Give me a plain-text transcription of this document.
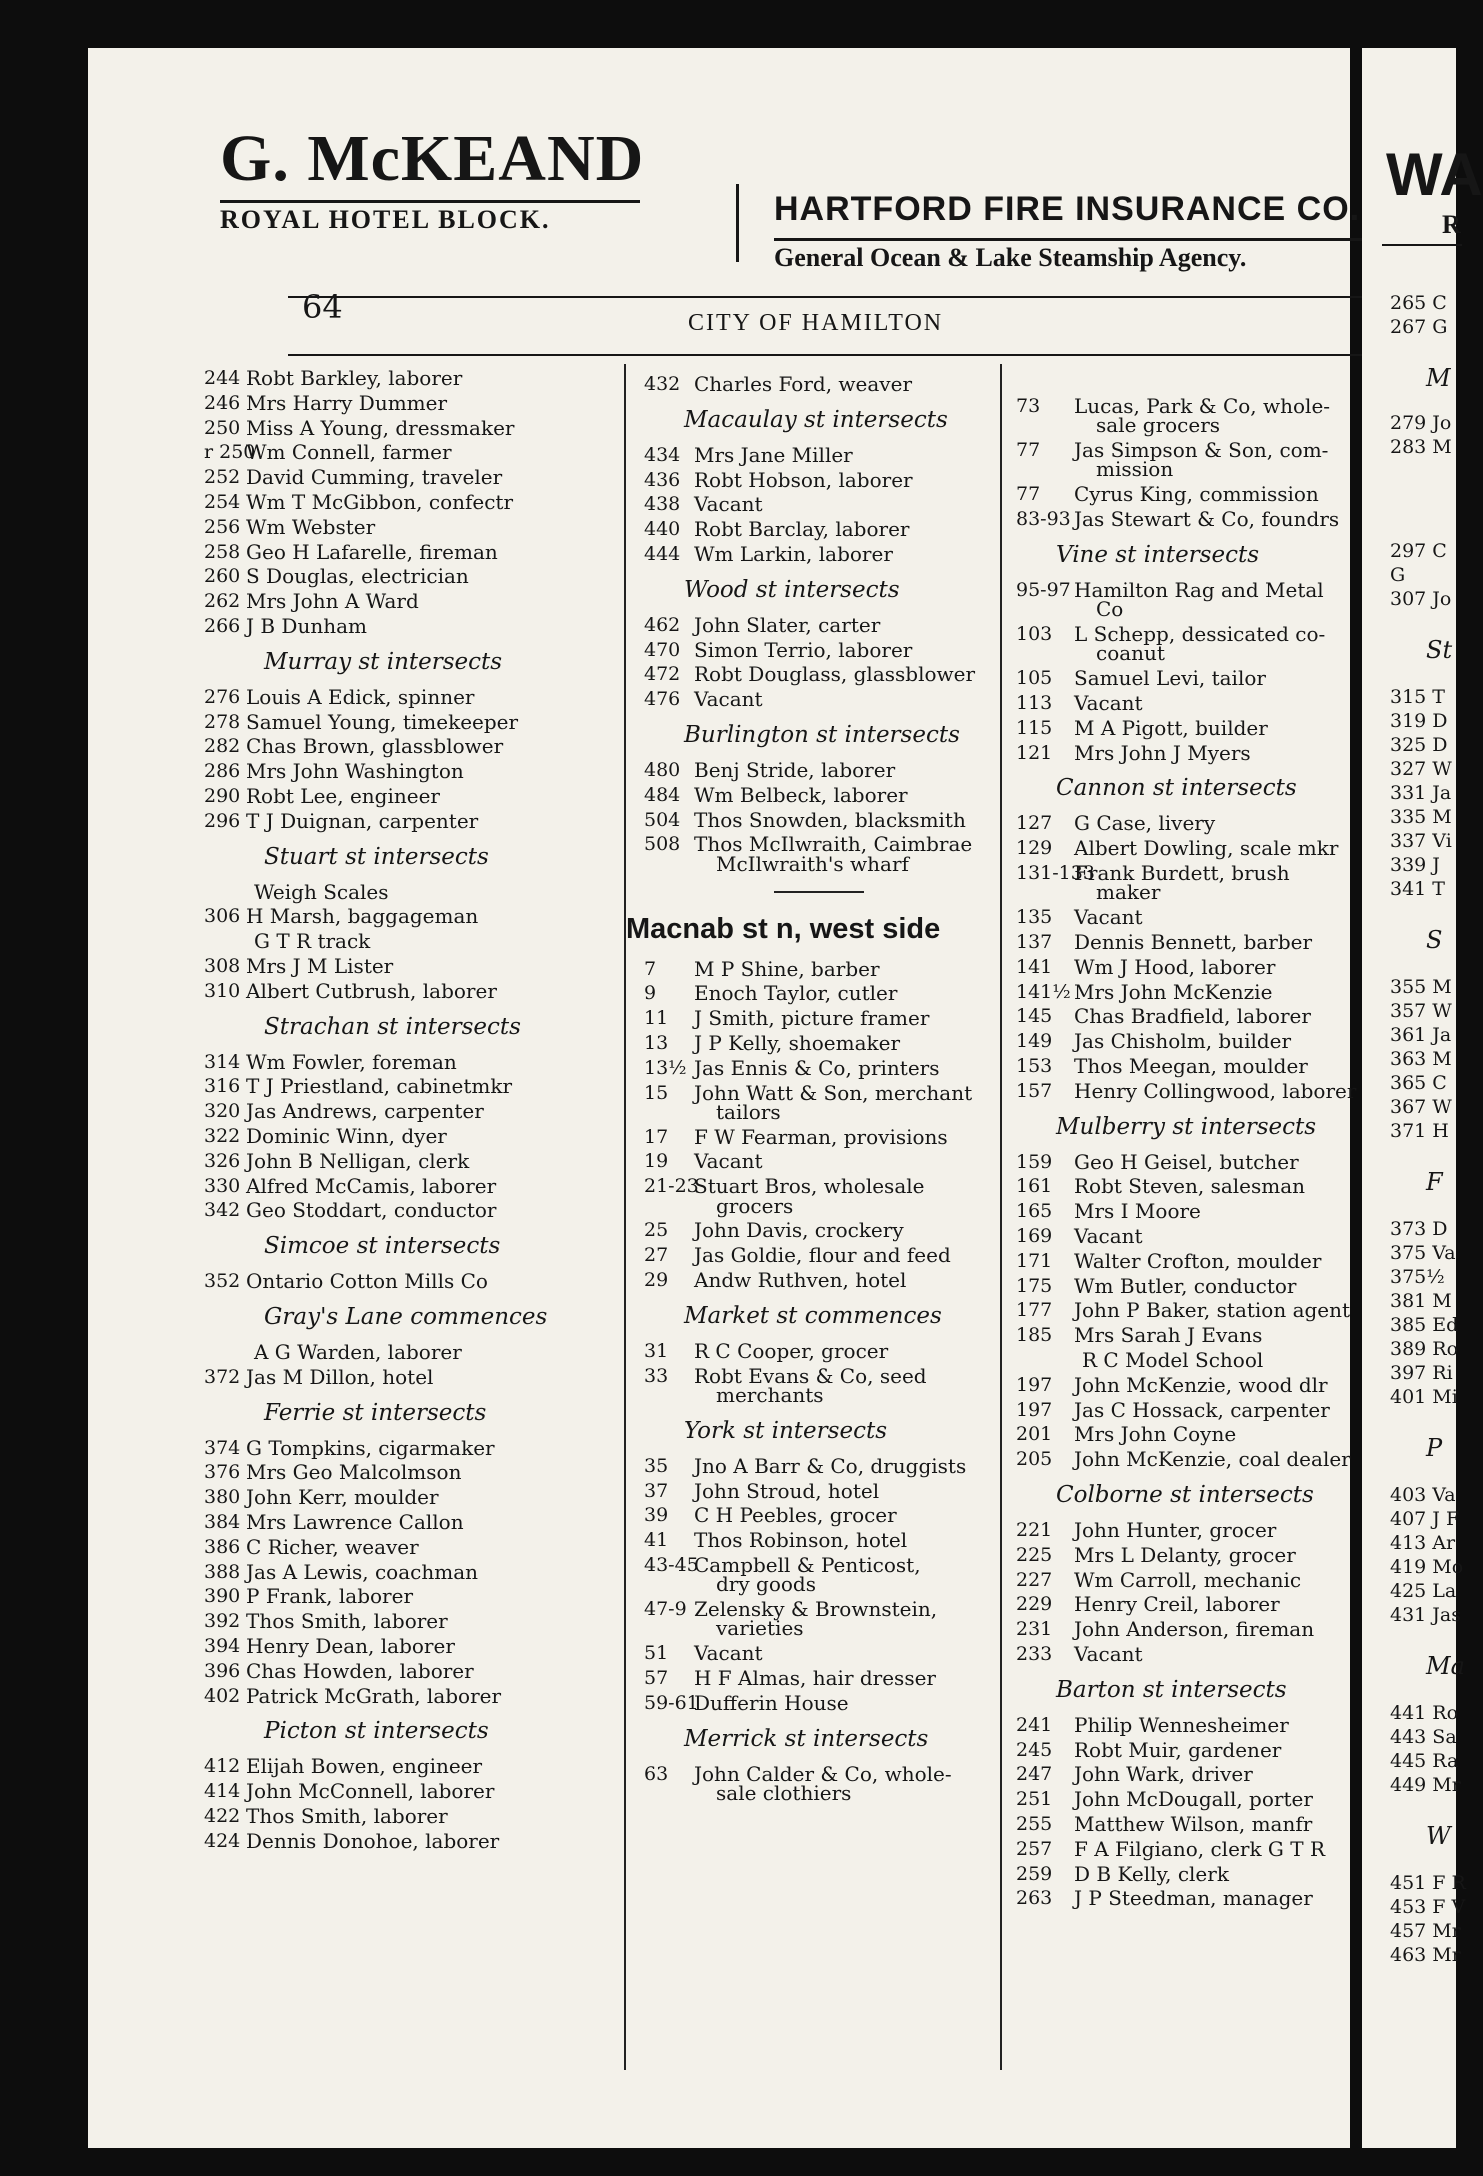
G. McKEAND
ROYAL HOTEL BLOCK.	HARTFORD FIRE INSURANCE CO.
General Ocean & Lake Steamship Agency.
64	CITY OF HAMILTON
244 Robt Barkley, laborer
246 Mrs Harry Dummer
250 Miss A Young, dressmaker
r 250
Wm Connell, farmer
252 David Cumming, traveler
254 Wm T McGibbon, confectr
256 Wm Webster
258 Geo H Lafarelle, fireman
260 S Douglas, electrician
262 Mrs John A Ward
266 J B Dunham
Murray st intersects
276 Louis A Edick, spinner
278 Samuel Young, timekeeper
282 Chas Brown, glassblower
286 Mrs John Washington
290 Robt Lee, engineer
296 T J Duignan, carpenter
Stuart st intersects
Weigh Scales
306 H Marsh, baggageman
G T R track
308 Mrs J M Lister
310 Albert Cutbrush, laborer
Strachan st intersects
314 Wm Fowler, foreman
316 T J Priestland, cabinetmkr
320 Jas Andrews, carpenter
322 Dominic Winn, dyer
326 John B Nelligan, clerk
330 Alfred McCamis, laborer
342 Geo Stoddart, conductor
Simcoe st intersects
352 Ontario Cotton Mills Co
Gray's Lane commences
A G Warden, laborer
372 Jas M Dillon, hotel
Ferrie st intersects
374 G Tompkins, cigarmaker
376 Mrs Geo Malcolmson
380 John Kerr, moulder
384 Mrs Lawrence Callon
386 C Richer, weaver
388 Jas A Lewis, coachman
390 P Frank, laborer
392 Thos Smith, laborer
394 Henry Dean, laborer
396 Chas Howden, laborer
402 Patrick McGrath, laborer
Picton st intersects
412 Elijah Bowen, engineer
414 John McConnell, laborer
422 Thos Smith, laborer
424 Dennis Donohoe, laborer
432 Charles Ford, weaver
Macaulay st intersects
434 Mrs Jane Miller
436 Robt Hobson, laborer
438 Vacant
440 Robt Barclay, laborer
444 Wm Larkin, laborer
Wood st intersects
462 John Slater, carter
470 Simon Terrio, laborer
472 Robt Douglass, glassblower
476 Vacant
Burlington st intersects
480 Benj Stride, laborer
484 Wm Belbeck, laborer
504 Thos Snowden, blacksmith
508 Thos McIlwraith, Caimbrae
McIlwraith's wharf
Macnab st n, west side
7 M P Shine, barber
9 Enoch Taylor, cutler
11 J Smith, picture framer
13 J P Kelly, shoemaker
13½ Jas Ennis & Co, printers
15 John Watt & Son, merchant
tailors
17 F W Fearman, provisions
19 Vacant
21-23
Stuart Bros, wholesale
grocers
25 John Davis, crockery
27 Jas Goldie, flour and feed
29 Andw Ruthven, hotel
Market st commences
31 R C Cooper, grocer
33 Robt Evans & Co, seed
merchants
York st intersects
35 Jno A Barr & Co, druggists
37 John Stroud, hotel
39 C H Peebles, grocer
41 Thos Robinson, hotel
43-45
Campbell & Penticost,
dry goods
47-9 Zelensky & Brownstein,
varieties
51 Vacant
57 H F Almas, hair dresser
59-61
Dufferin House
Merrick st intersects
63 John Calder & Co, whole-
sale clothiers
73 Lucas, Park & Co, whole-
sale grocers
77 Jas Simpson & Son, com-
mission
77 Cyrus King, commission
83-93 Jas Stewart & Co, foundrs
Vine st intersects
95-97 Hamilton Rag and Metal
Co
103 L Schepp, dessicated co-
coanut
105 Samuel Levi, tailor
113 Vacant
115 M A Pigott, builder
121 Mrs John J Myers
Cannon st intersects
127 G Case, livery
129 Albert Dowling, scale mkr
131-133
Frank Burdett, brush
maker
135 Vacant
137 Dennis Bennett, barber
141 Wm J Hood, laborer
141½ Mrs John McKenzie
145 Chas Bradfield, laborer
149 Jas Chisholm, builder
153 Thos Meegan, moulder
157 Henry Collingwood, laborer
Mulberry st intersects
159 Geo H Geisel, butcher
161 Robt Steven, salesman
165 Mrs I Moore
169 Vacant
171 Walter Crofton, moulder
175 Wm Butler, conductor
177 John P Baker, station agent
185 Mrs Sarah J Evans
R C Model School
197 John McKenzie, wood dlr
197 Jas C Hossack, carpenter
201 Mrs John Coyne
205 John McKenzie, coal dealer
Colborne st intersects
221 John Hunter, grocer
225 Mrs L Delanty, grocer
227 Wm Carroll, mechanic
229 Henry Creil, laborer
231 John Anderson, fireman
233 Vacant
Barton st intersects
241 Philip Wennesheimer
245 Robt Muir, gardener
247 John Wark, driver
251 John McDougall, porter
255 Matthew Wilson, manfr
257 F A Filgiano, clerk G T R
259 D B Kelly, clerk
263 J P Steedman, manager
WA
R
265 C
267 G
M
279 Jo
283 M
297 C
G
307 Jo
St
315 T
319 D
325 D
327 W
331 Ja
335 M
337 Vi
339 J
341 T
S
355 M
357 W
361 Ja
363 M
365 C
367 W
371 H
F
373 D
375 Va
375½
381 M
385 Ed
389 Ro
397 Ri
401 Mi
P
403 Va
407 J F
413 Ar
419 Mo
425 La
431 Jas
Ma
441 Ro
443 Sa
445 Ra
449 Mr
W
451 F R
453 F V
457 Mr
463 Mr
